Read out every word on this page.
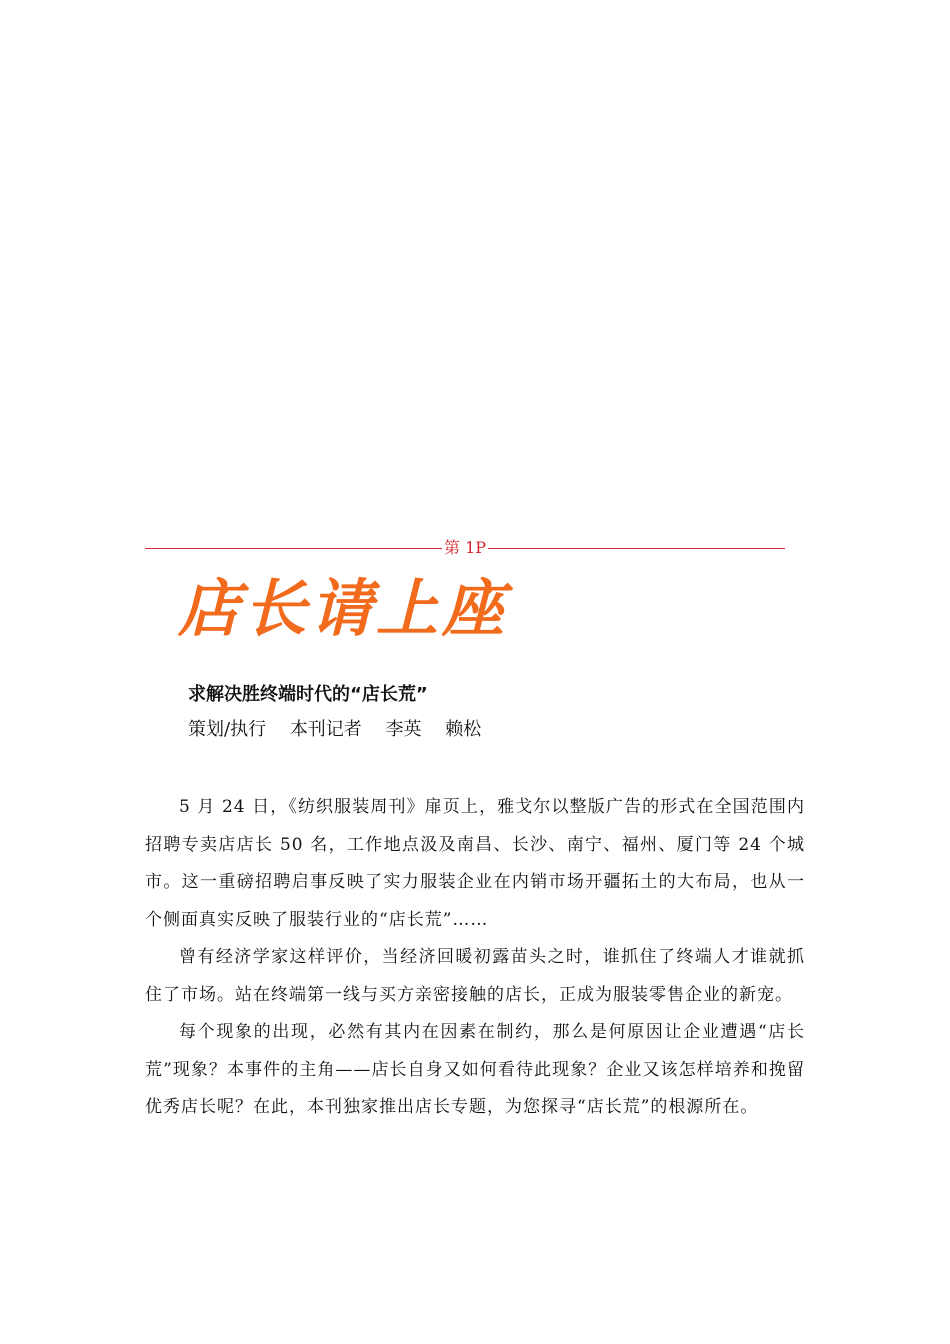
第 1P
店长请上座
求解决胜终端时代的“店长荒”
策划/执行 本刊记者 李英 赖松

5 月 24 日，《纺织服装周刊》扉页上，雅戈尔以整版广告的形式在全国范围内招聘专卖店店长 50 名，工作地点汲及南昌、长沙、南宁、福州、厦门等 24 个城市。这一重磅招聘启事反映了实力服装企业在内销市场开疆拓土的大布局，也从一个侧面真实反映了服装行业的“店长荒”……

曾有经济学家这样评价，当经济回暖初露苗头之时，谁抓住了终端人才谁就抓住了市场。站在终端第一线与买方亲密接触的店长，正成为服装零售企业的新宠。

每个现象的出现，必然有其内在因素在制约，那么是何原因让企业遭遇“店长荒”现象？本事件的主角——店长自身又如何看待此现象？企业又该怎样培养和挽留优秀店长呢？在此，本刊独家推出店长专题，为您探寻“店长荒”的根源所在。
